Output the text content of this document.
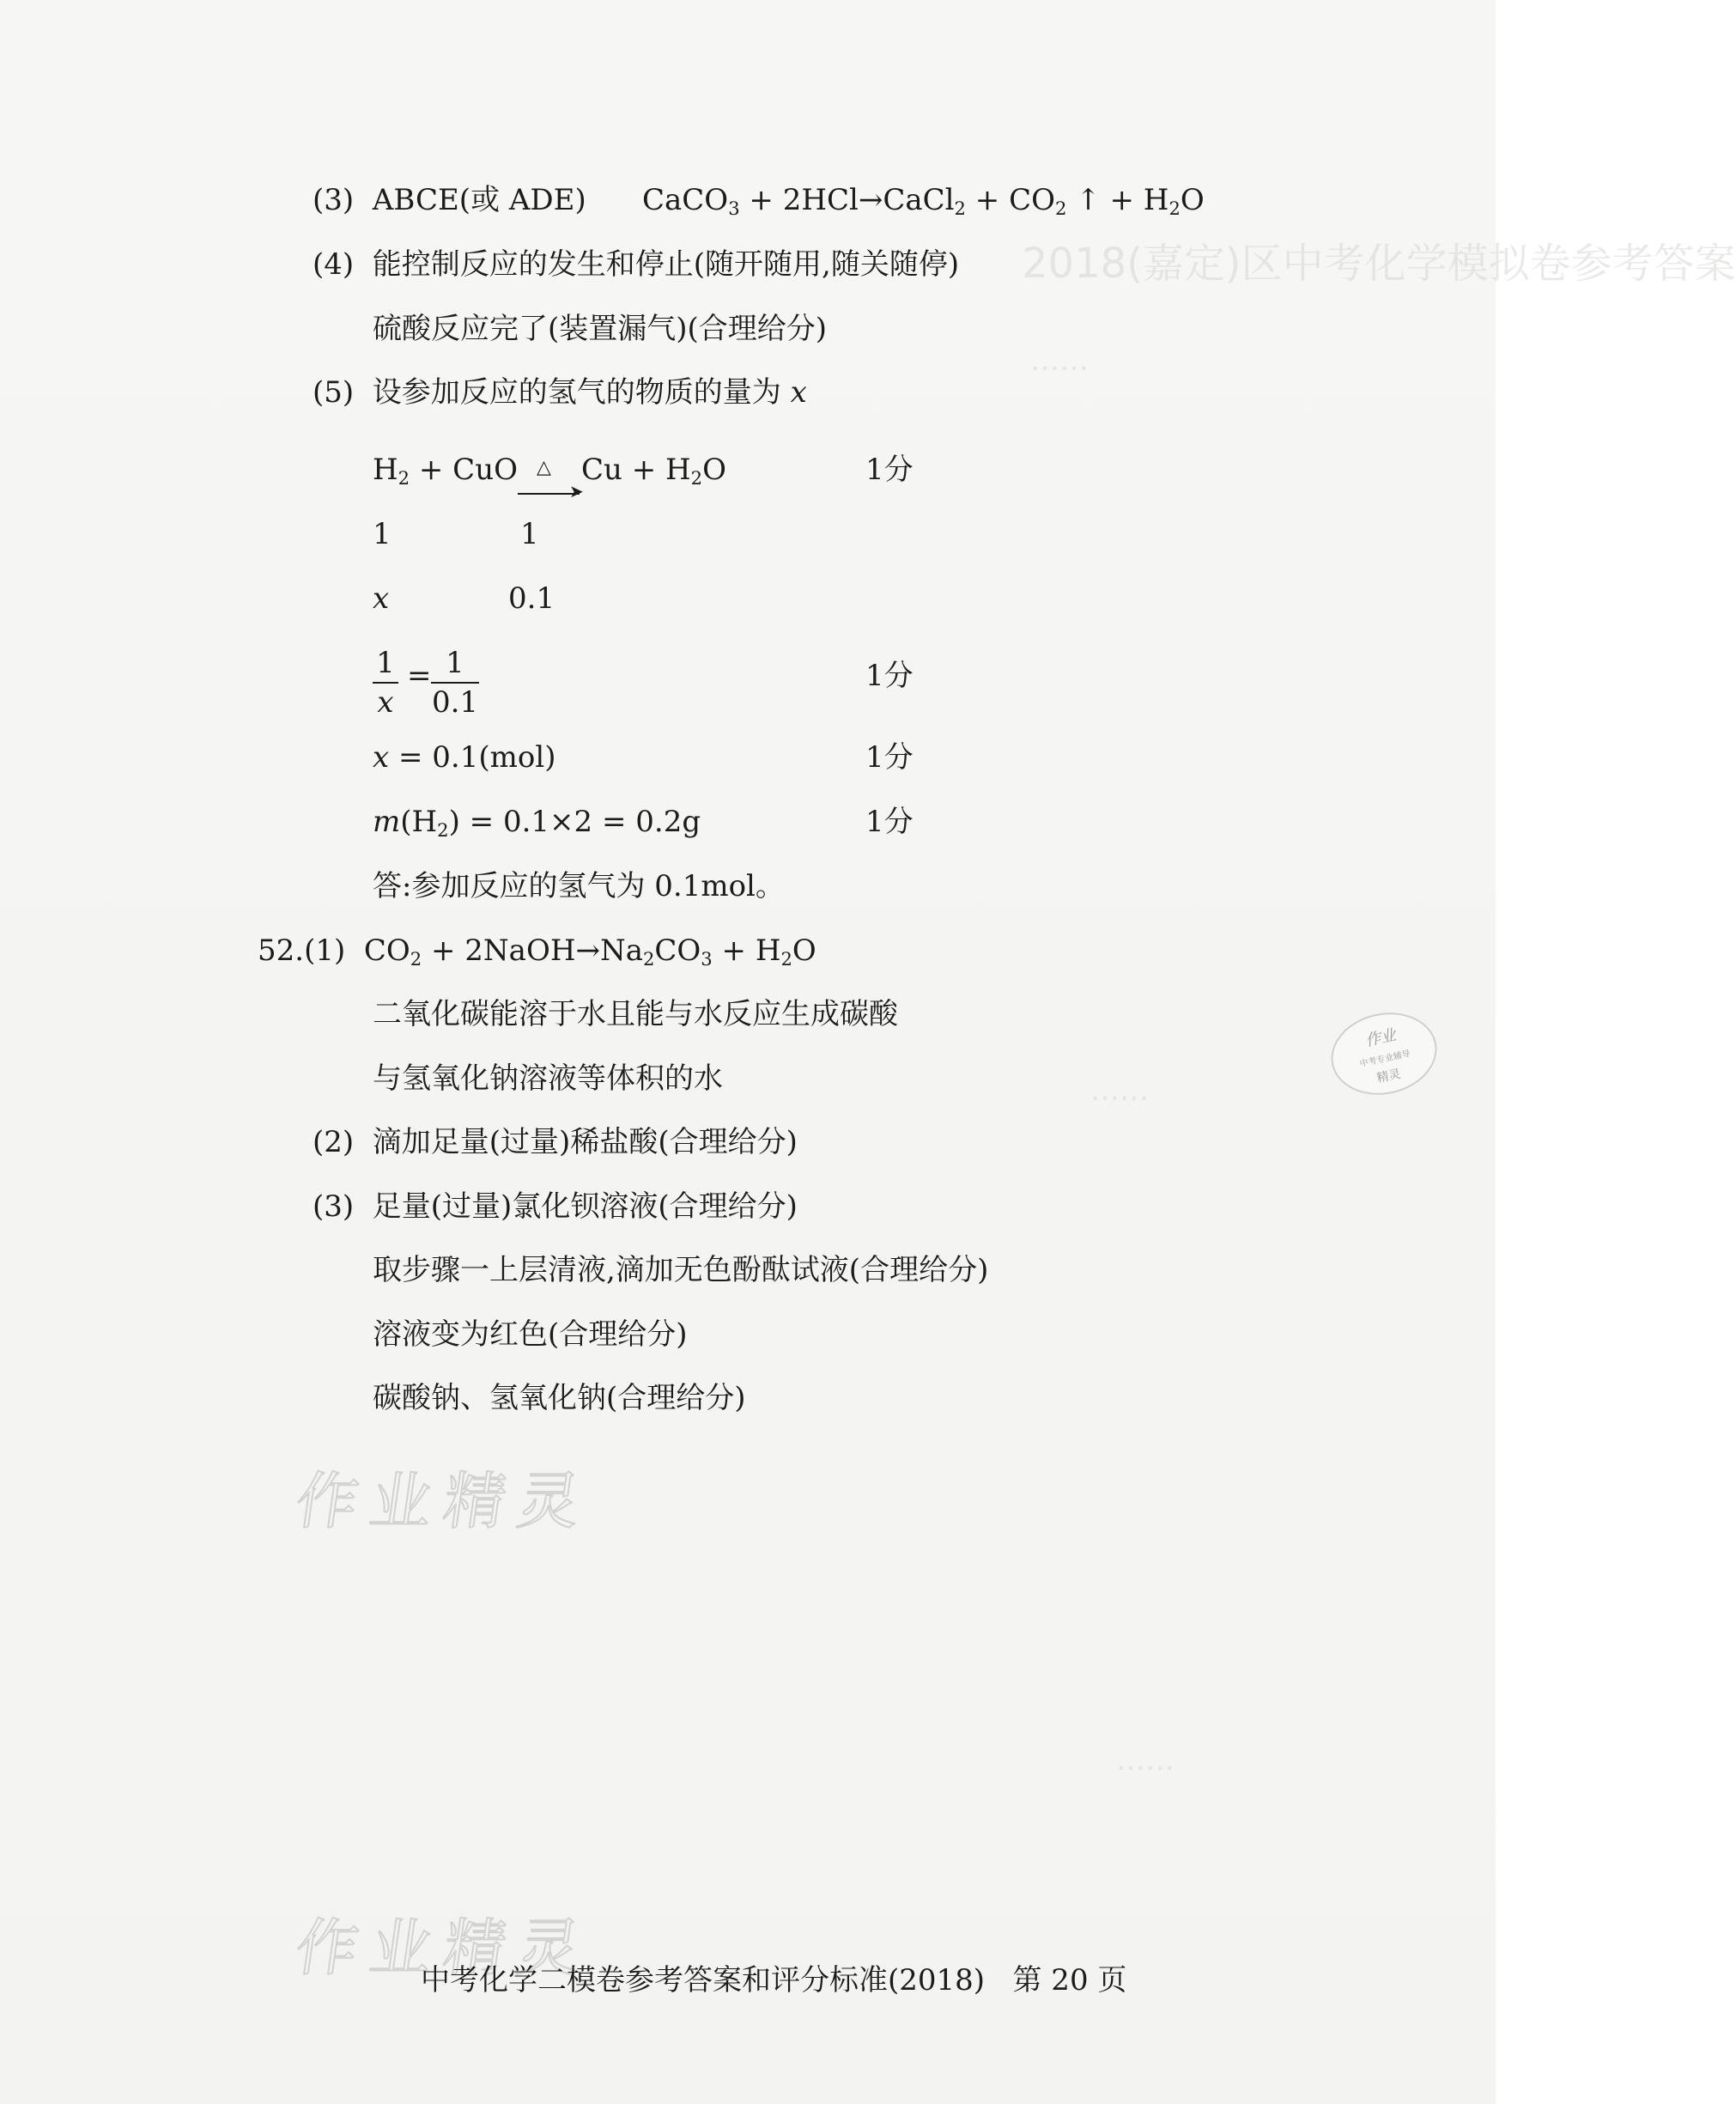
2018(嘉定)区中考化学模拟卷参考答案
……
……
……
(3) ABCE(或 ADE) CaCO$_3$ + 2HCl→CaCl$_2$ + $CO_2$ ↑ + $H_2O$
(4) 能控制反应的发生和停止(随开随用,随关随停)
硫酸反应完了(装置漏气)(合理给分)
(5) 设参加反应的氢气的物质的量为 x
$H_2$ + CuO △
➤
$Cu + H_2O$	1分
1	1
x	0.1
1
x
= 1
0.1
1分
x = 0.1(mol)	1分
$m(H_2) = 0.1\times 2 = 0.2g$	1分
答:参加反应的氢气为 0.1mol。
52.(1) $CO_2$ + $2NaOH\to Na_2CO_3 + H_2O$
二氧化碳能溶于水且能与水反应生成碳酸
与氢氧化钠溶液等体积的水
(2) 滴加足量(过量)稀盐酸(合理给分)
(3) 足量(过量)氯化钡溶液(合理给分)
取步骤一上层清液,滴加无色酚酞试液(合理给分)
溶液变为红色(合理给分)
碳酸钠、氢氧化钠(合理给分)
作业精灵
作业精灵
作业
中考专业辅导
精灵
中考化学二模卷参考答案和评分标准(2018) 第 20 页
